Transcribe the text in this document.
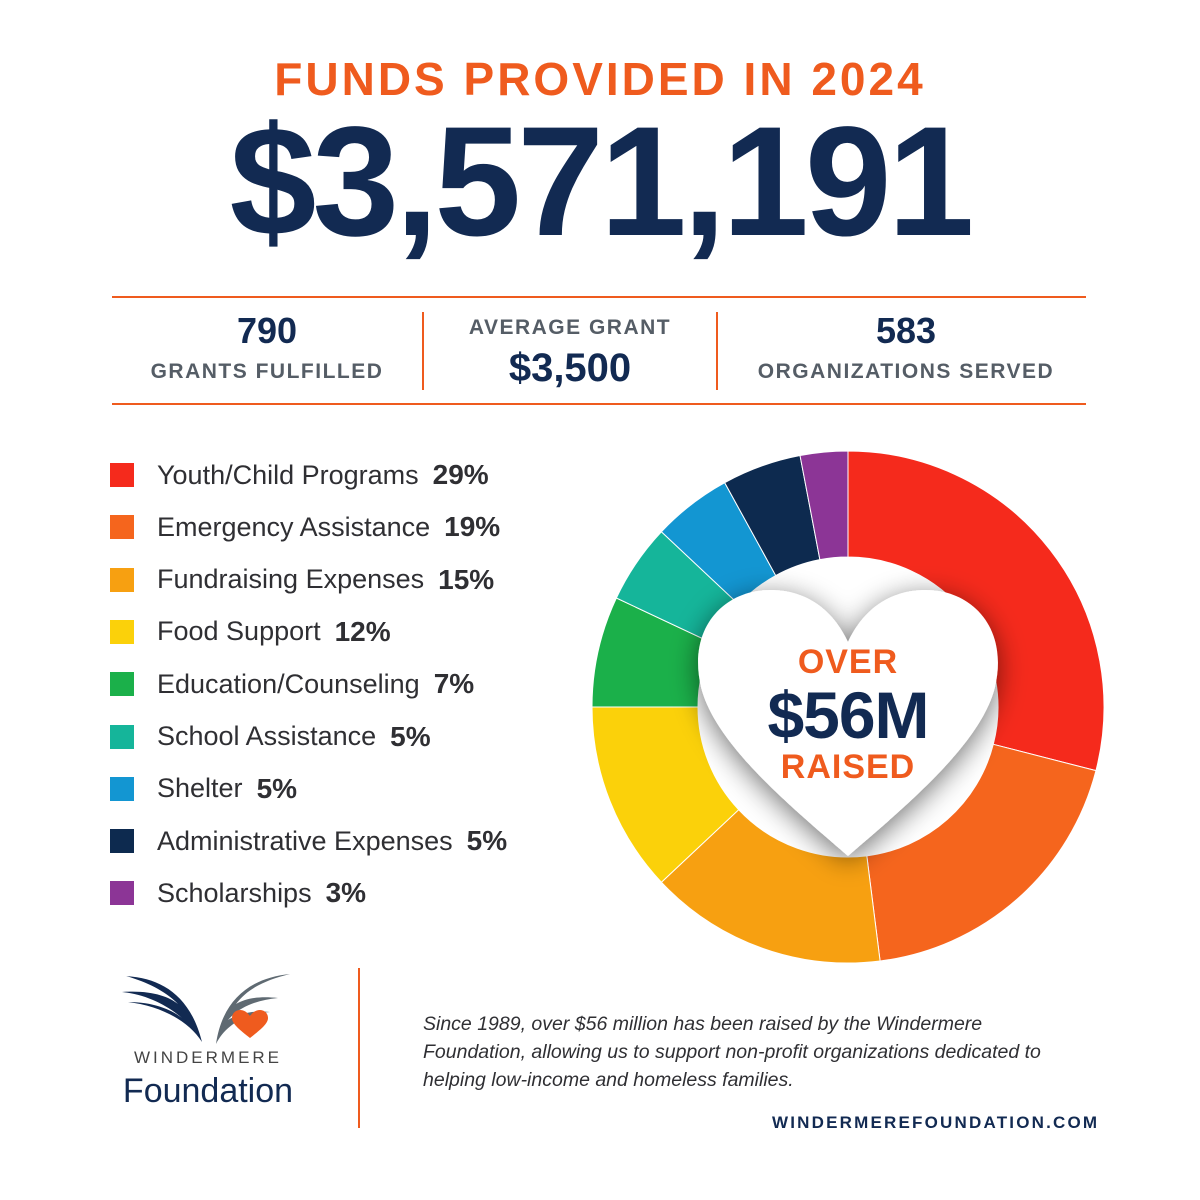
FUNDS PROVIDED IN 2024
$3,571,191
790
GRANTS FULFILLED
AVERAGE GRANT
$3,500
583
ORGANIZATIONS SERVED
Youth/Child Programs 29%
Emergency Assistance 19%
Fundraising Expenses 15%
Food Support 12%
Education/Counseling 7%
School Assistance 5%
Shelter 5%
Administrative Expenses 5%
Scholarships 3%
OVER
$56M
RAISED
WINDERMERE
Foundation
Since 1989, over $56 million has been raised by the Windermere Foundation, allowing us to support non-profit organizations dedicated to helping low-income and homeless families.
WINDERMEREFOUNDATION.COM
